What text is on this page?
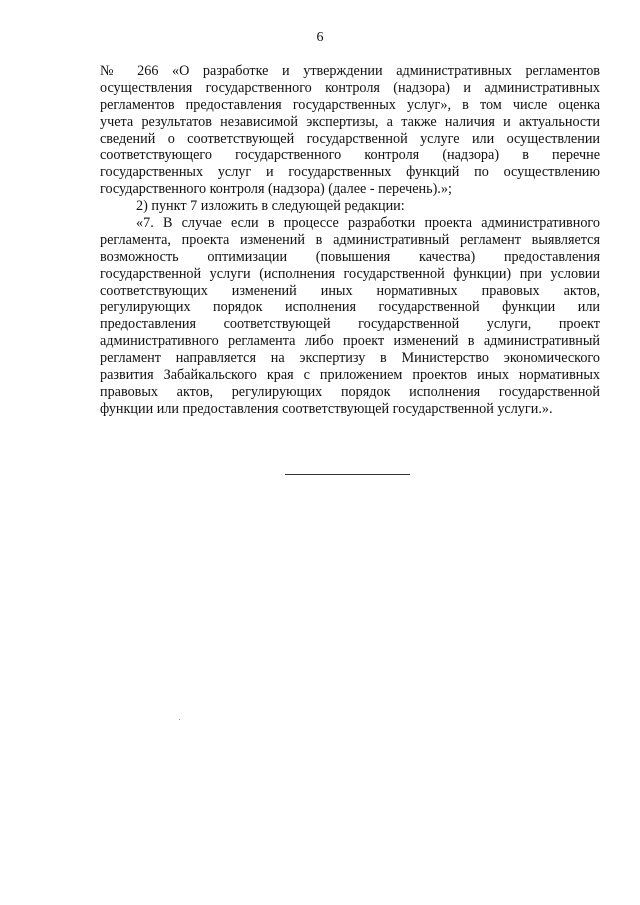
6
№ 266 «О разработке и утверждении административных регламентов
осуществления государственного контроля (надзора) и административных
регламентов предоставления государственных услуг», в том числе оценка
учета результатов независимой экспертизы, а также наличия и актуальности
сведений о соответствующей государственной услуге или осуществлении
соответствующего государственного контроля (надзора) в перечне
государственных услуг и государственных функций по осуществлению
государственного контроля (надзора) (далее - перечень).»;
2) пункт 7 изложить в следующей редакции:
«7. В случае если в процессе разработки проекта административного
регламента, проекта изменений в административный регламент выявляется
возможность оптимизации (повышения качества) предоставления
государственной услуги (исполнения государственной функции) при условии
соответствующих изменений иных нормативных правовых актов,
регулирующих порядок исполнения государственной функции или
предоставления соответствующей государственной услуги, проект
административного регламента либо проект изменений в административный
регламент направляется на экспертизу в Министерство экономического
развития Забайкальского края с приложением проектов иных нормативных
правовых актов, регулирующих порядок исполнения государственной
функции или предоставления соответствующей государственной услуги.».
